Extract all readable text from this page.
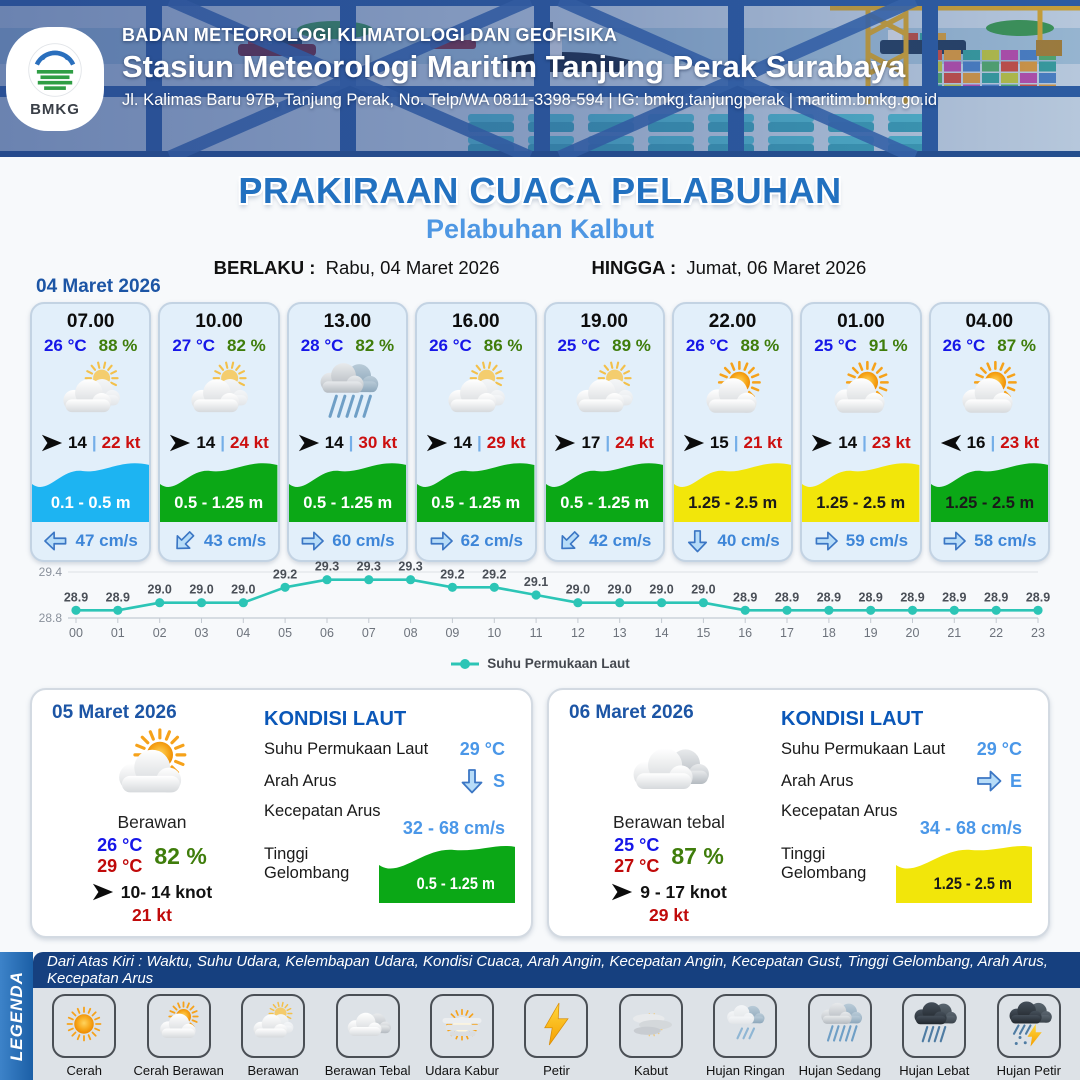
BMKG
BADAN METEOROLOGI KLIMATOLOGI DAN GEOFISIKA
Stasiun Meteorologi Maritim Tanjung Perak Surabaya
Jl. Kalimas Baru 97B, Tanjung Perak, No. Telp/WA 0811-3398-594 | IG: bmkg.tanjungperak | maritim.bmkg.go.id
PRAKIRAAN CUACA PELABUHAN
Pelabuhan Kalbut
BERLAKU : Rabu, 04 Maret 2026	HINGGA : Jumat, 06 Maret 2026
04 Maret 2026
07.00
26 °C 88 %
14 | 22 kt
0.1 - 0.5 m
47 cm/s
10.00
27 °C 82 %
14 | 24 kt
0.5 - 1.25 m
43 cm/s
13.00
28 °C 82 %
14 | 30 kt
0.5 - 1.25 m
60 cm/s
16.00
26 °C 86 %
14 | 29 kt
0.5 - 1.25 m
62 cm/s
19.00
25 °C 89 %
17 | 24 kt
0.5 - 1.25 m
42 cm/s
22.00
26 °C 88 %
15 | 21 kt
1.25 - 2.5 m
40 cm/s
01.00
25 °C 91 %
14 | 23 kt
1.25 - 2.5 m
59 cm/s
04.00
26 °C 87 %
16 | 23 kt
1.25 - 2.5 m
58 cm/s
29.4
28.8
28.9
00
28.9
01
29.0
02
29.0
03
29.0
04
29.2
05
29.3
06
29.3
07
29.3
08
29.2
09
29.2
10
29.1
11
29.0
12
29.0
13
29.0
14
29.0
15
28.9
16
28.9
17
28.9
18
28.9
19
28.9
20
28.9
21
28.9
22
28.9
23
Suhu Permukaan Laut
05 Maret 2026
Berawan
26 °C
29 °C 82 %
10- 14 knot
21 kt
KONDISI LAUT
Suhu Permukaan Laut 29 °C
Arah Arus	S
Kecepatan Arus
32 - 68 cm/s
Tinggi Gelombang
0.5 - 1.25 m
06 Maret 2026
Berawan tebal
25 °C
27 °C 87 %
9 - 17 knot
29 kt
KONDISI LAUT
Suhu Permukaan Laut 29 °C
Arah Arus	E
Kecepatan Arus
34 - 68 cm/s
Tinggi Gelombang
1.25 - 2.5 m
LEGENDA
Dari Atas Kiri : Waktu, Suhu Udara, Kelembapan Udara, Kondisi Cuaca, Arah Angin, Kecepatan Angin, Kecepatan Gust, Tinggi Gelombang, Arah Arus, Kecepatan Arus
Cerah Cerah Berawan Berawan Berawan Tebal Udara Kabur	Petir	Kabut	Hujan Ringan Hujan Sedang Hujan Lebat Hujan Petir
